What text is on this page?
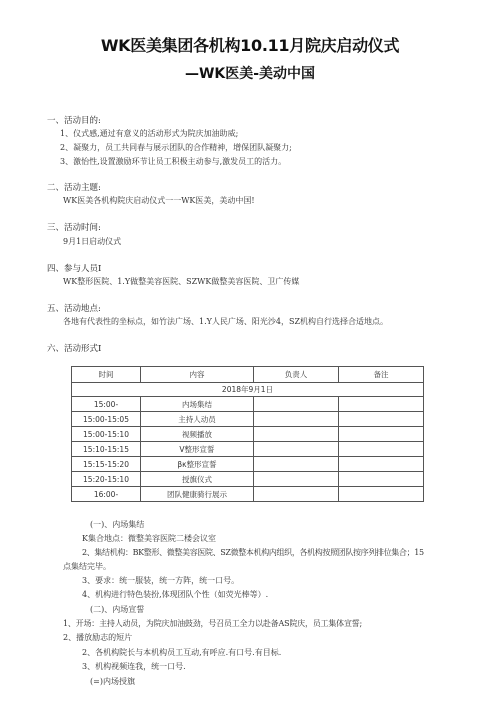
WK医美集团各机构10.11月院庆启动仪式
—WK医美-美动中国
一、活动目的:
1、仪式感,通过有意义的活动形式为院庆加油助威;
2、凝聚力，员工共同春与展示团队的合作精神，增保团队凝聚力;
3、激怡性,设置激励环节让员工积极主动参与,激发员工的活力。
二、活动主题:
WK医美各机构院庆启动仪式一一WK医美，美动中国!
三、活动时间:
9月1日启动仪式
四、参与人员I
WK整形医院、1.Y做整美容医院、SZWK做整美容医院、卫广传媒
五、活动地点:
各地有代表性的坐标点，如竹法广场、1.Y人民广场、阳光沙4，SZ机构自行选择合适地点。
六、活动形式I
时间	内容	负责人	备注
2018年9月1日			
15:00-	内场集结		
15:00-15:05	主持人动员		
15:00-15:10	视频播放		
15:10-15:15	V整形宣誓		
15:15-15:20	βκ整形宣誓		
15:20-15:10	授旗仪式		
16:00-	团队健康骑行展示		
(一)、内场集结
K集合地点：微整美容医院二楼会议室
2、集结机构：BK整形、微整美容医院、SZ微整本机构内组织，各机构按照团队按序列排位集合；15
点集结完毕。
3、要求：统一服装，统一方阵，统一口号。
4、机构进行特色装扮,体现团队个性（如荧光棒等）.
(二)、内场宣誓
1、开场：主持人动员，为院庆加油鼓劲，号召员工全力以赴备AS院庆，员工集体宣誓;
2、播放励志的短片
2、各机构院长与本机构员工互动,有呼应.有口号.有目标.
3、机构视频连我，统一口号.
(=)内场授旗
